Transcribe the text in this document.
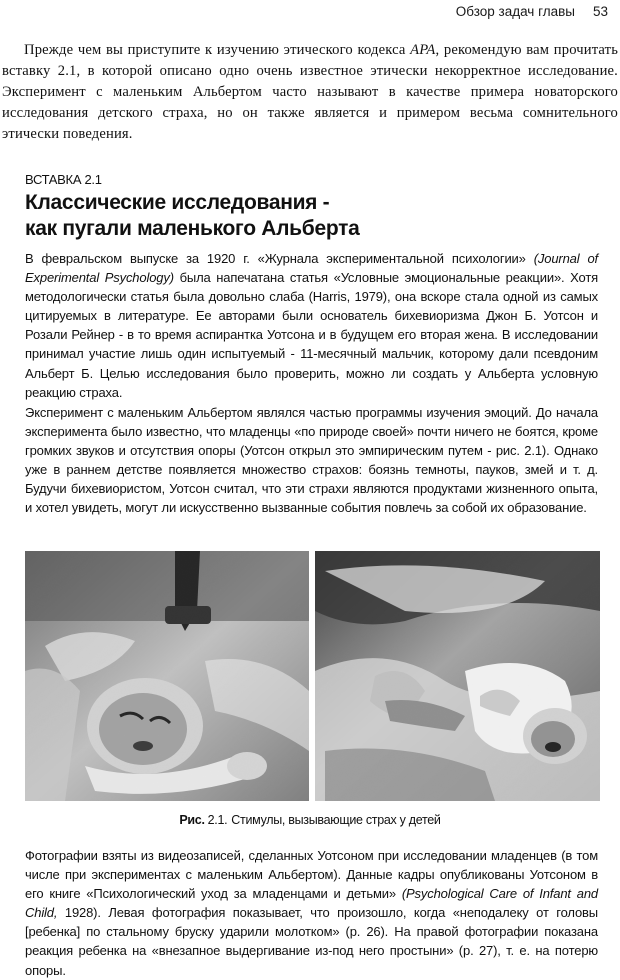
Обзор задач главы 53

Прежде чем вы приступите к изучению этического кодекса APA, рекомендую вам прочитать вставку 2.1, в которой описано одно очень известное этически некорректное исследование. Эксперимент с маленьким Альбертом часто называют в качестве примера новаторского исследования детского страха, но он также является и примером весьма сомнительного этически поведения.

ВСТАВКА 2.1
Классические исследования -
как пугали маленького Альберта

В февральском выпуске за 1920 г. «Журнала экспериментальной психологии» (Journal of Experimental Psychology) была напечатана статья «Условные эмоциональные реакции». Хотя методологически статья была довольно слаба (Harris, 1979), она вскоре стала одной из самых цитируемых в литературе. Ее авторами были основатель бихевиоризма Джон Б. Уотсон и Розали Рейнер - в то время аспирантка Уотсона и в будущем его вторая жена. В исследовании принимал участие лишь один испытуемый - 11-месячный мальчик, которому дали псевдоним Альберт Б. Целью исследования было проверить, можно ли создать у Альберта условную реакцию страха.

Эксперимент с маленьким Альбертом являлся частью программы изучения эмоций. До начала эксперимента было известно, что младенцы «по природе своей» почти ничего не боятся, кроме громких звуков и отсутствия опоры (Уотсон открыл это эмпирическим путем - рис. 2.1). Однако уже в раннем детстве появляется множество страхов: боязнь темноты, пауков, змей и т. д. Будучи бихевиористом, Уотсон считал, что эти страхи являются продуктами жизненного опыта, и хотел увидеть, могут ли искусственно вызванные события повлечь за собой их образование.

Рис. 2.1. Стимулы, вызывающие страх у детей

Фотографии взяты из видеозаписей, сделанных Уотсоном при исследовании младенцев (в том числе при экспериментах с маленьким Альбертом). Данные кадры опубликованы Уотсоном в его книге «Психологический уход за младенцами и детьми» (Psychological Care of Infant and Child, 1928). Левая фотография показывает, что произошло, когда «неподалеку от головы [ребенка] по стальному бруску ударили молотком» (р. 26). На правой фотографии показана реакция ребенка на «внезапное выдергивание из-под него простыни» (р. 27), т. е. на потерю опоры.
